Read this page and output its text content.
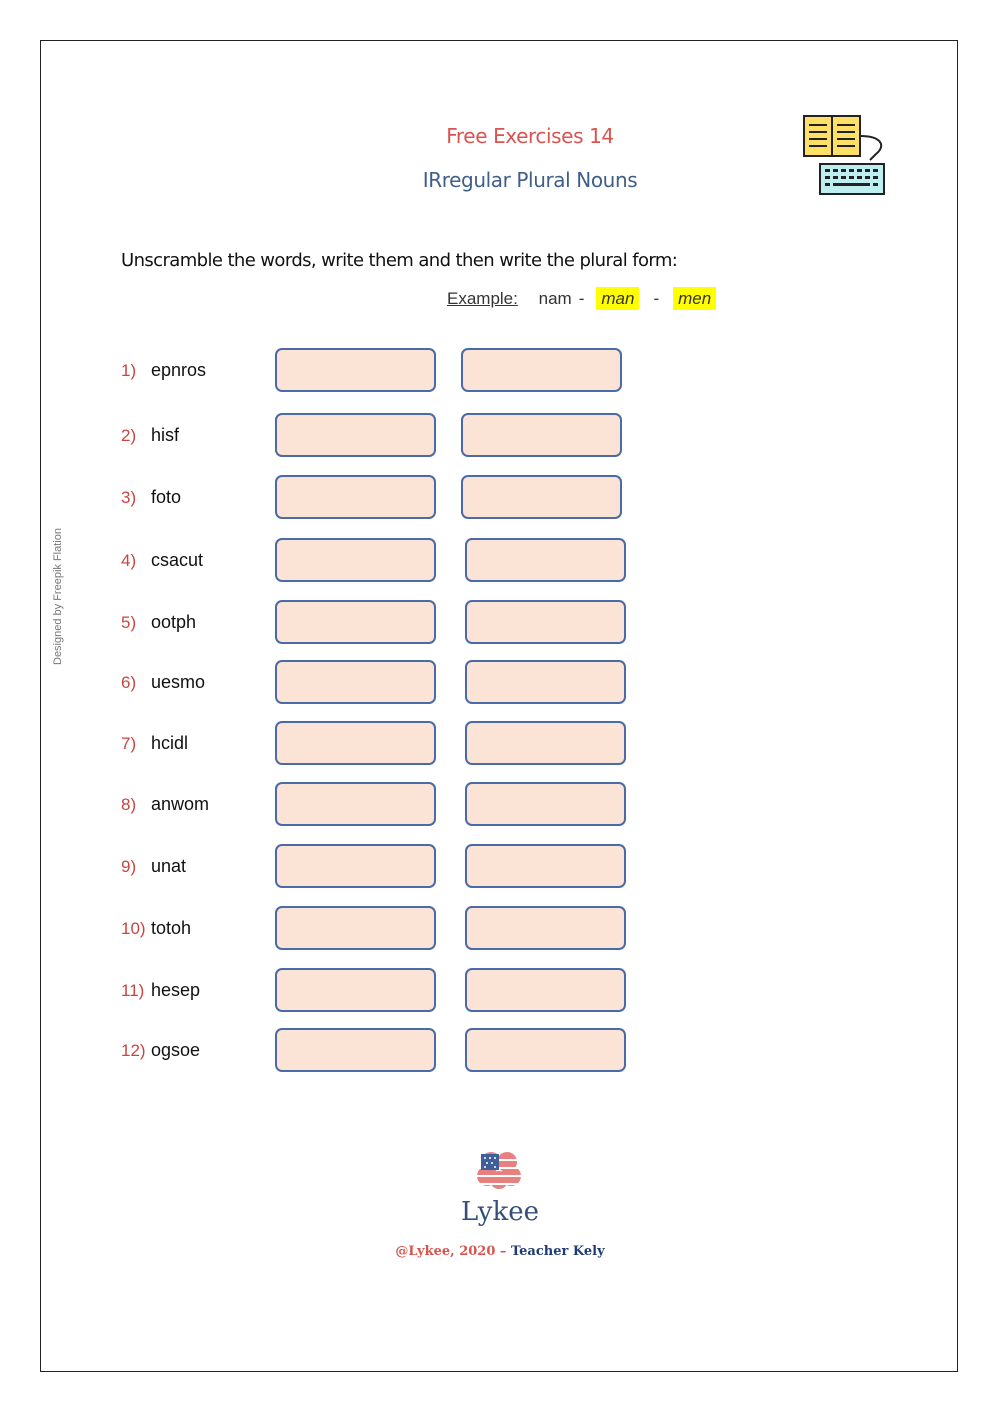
Free Exercises 14
IRregular Plural Nouns
Unscramble the words, write them and then write the plural form:
Example: nam - man - men
Designed by Freepik Flation
1) epnros
2) hisf
3) foto
4) csacut
5) ootph
6) uesmo
7) hcidl
8) anwom
9) unat
10) totoh
11) hesep
12) ogsoe
Lykee
@Lykee, 2020 – Teacher Kely
